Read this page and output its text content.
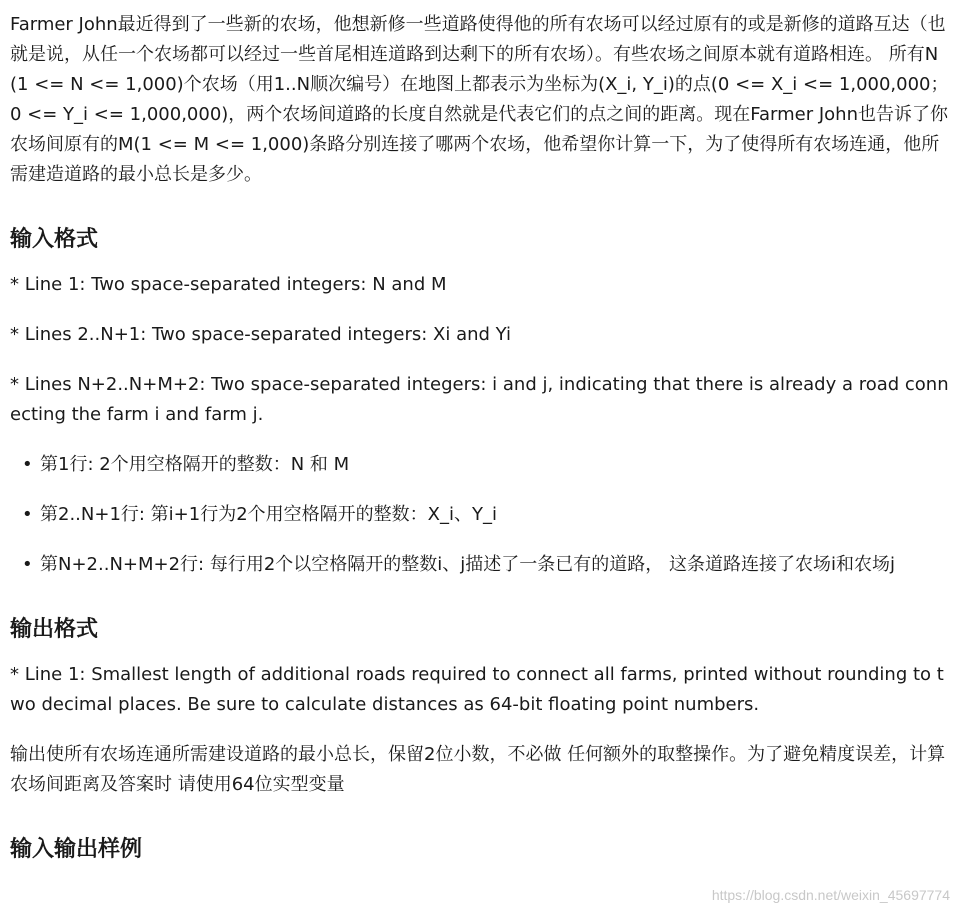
Farmer John最近得到了一些新的农场，他想新修一些道路使得他的所有农场可以经过原有的或是新修的道路互达（也就是说，从任一个农场都可以经过一些首尾相连道路到达剩下的所有农场）。有些农场之间原本就有道路相连。 所有N(1 <= N <= 1,000)个农场（用1..N顺次编号）在地图上都表示为坐标为(X_i, Y_i)的点(0 <= X_i <= 1,000,000；0 <= Y_i <= 1,000,000)，两个农场间道路的长度自然就是代表它们的点之间的距离。现在Farmer John也告诉了你农场间原有的M(1 <= M <= 1,000)条路分别连接了哪两个农场，他希望你计算一下，为了使得所有农场连通，他所需建造道路的最小总长是多少。

输入格式

* Line 1: Two space-separated integers: N and M

* Lines 2..N+1: Two space-separated integers: Xi and Yi

* Lines N+2..N+M+2: Two space-separated integers: i and j, indicating that there is already a road connecting the farm i and farm j.

• 第1行: 2个用空格隔开的整数：N 和 M
• 第2..N+1行: 第i+1行为2个用空格隔开的整数：X_i、Y_i
• 第N+2..N+M+2行: 每行用2个以空格隔开的整数i、j描述了一条已有的道路， 这条道路连接了农场i和农场j
输出格式

* Line 1: Smallest length of additional roads required to connect all farms, printed without rounding to two decimal places. Be sure to calculate distances as 64-bit floating point numbers.

输出使所有农场连通所需建设道路的最小总长，保留2位小数，不必做 任何额外的取整操作。为了避免精度误差，计算农场间距离及答案时 请使用64位实型变量

输入输出样例
https://blog.csdn.net/weixin_45697774
